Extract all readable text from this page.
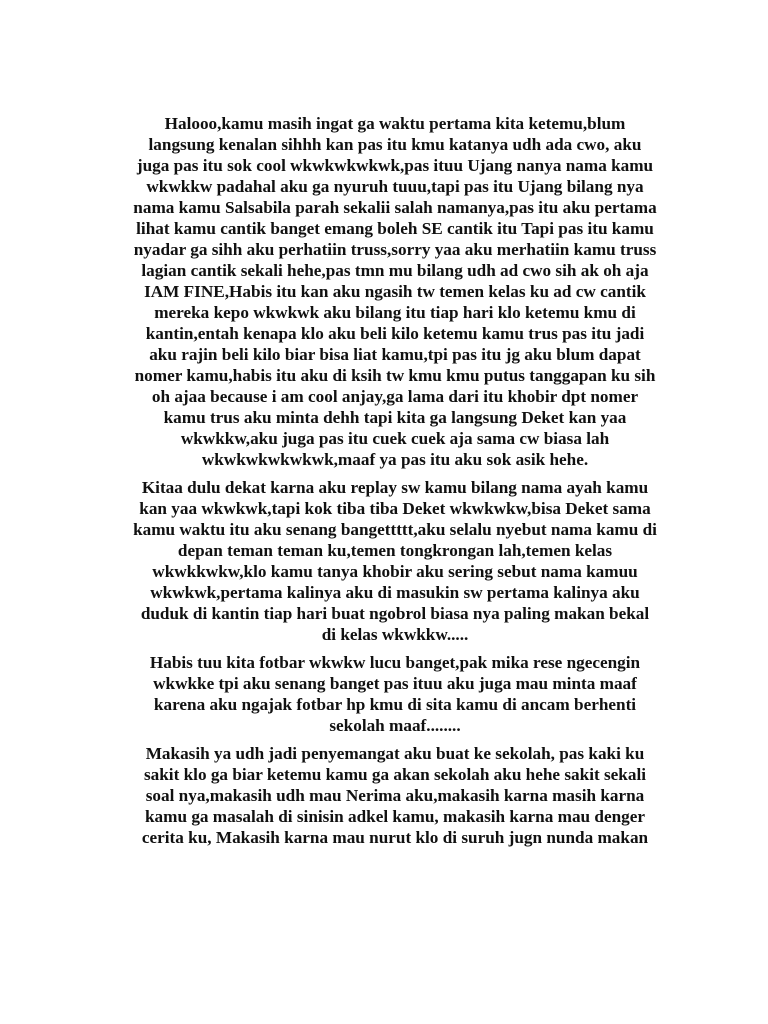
Halooo,kamu masih ingat ga waktu pertama kita ketemu,blum
langsung kenalan sihhh kan pas itu kmu katanya udh ada cwo, aku
juga pas itu sok cool wkwkwkwkwk,pas ituu Ujang nanya nama kamu
wkwkkw padahal aku ga nyuruh tuuu,tapi pas itu Ujang bilang nya
nama kamu Salsabila parah sekalii salah namanya,pas itu aku pertama
lihat kamu cantik banget emang boleh SE cantik itu Tapi pas itu kamu
nyadar ga sihh aku perhatiin truss,sorry yaa aku merhatiin kamu truss
lagian cantik sekali hehe,pas tmn mu bilang udh ad cwo sih ak oh aja
IAM FINE,Habis itu kan aku ngasih tw temen kelas ku ad cw cantik
mereka kepo wkwkwk aku bilang itu tiap hari klo ketemu kmu di
kantin,entah kenapa klo aku beli kilo ketemu kamu trus pas itu jadi
aku rajin beli kilo biar bisa liat kamu,tpi pas itu jg aku blum dapat
nomer kamu,habis itu aku di ksih tw kmu kmu putus tanggapan ku sih
oh ajaa because i am cool anjay,ga lama dari itu khobir dpt nomer
kamu trus aku minta dehh tapi kita ga langsung Deket kan yaa
wkwkkw,aku juga pas itu cuek cuek aja sama cw biasa lah
wkwkwkwkwkwk,maaf ya pas itu aku sok asik hehe.

Kitaa dulu dekat karna aku replay sw kamu bilang nama ayah kamu
kan yaa wkwkwk,tapi kok tiba tiba Deket wkwkwkw,bisa Deket sama
kamu waktu itu aku senang bangettttt,aku selalu nyebut nama kamu di
depan teman teman ku,temen tongkrongan lah,temen kelas
wkwkkwkw,klo kamu tanya khobir aku sering sebut nama kamuu
wkwkwk,pertama kalinya aku di masukin sw pertama kalinya aku
duduk di kantin tiap hari buat ngobrol biasa nya paling makan bekal
di kelas wkwkkw.....

Habis tuu kita fotbar wkwkw lucu banget,pak mika rese ngecengin
wkwkke tpi aku senang banget pas ituu aku juga mau minta maaf
karena aku ngajak fotbar hp kmu di sita kamu di ancam berhenti
sekolah maaf........

Makasih ya udh jadi penyemangat aku buat ke sekolah, pas kaki ku
sakit klo ga biar ketemu kamu ga akan sekolah aku hehe sakit sekali
soal nya,makasih udh mau Nerima aku,makasih karna masih karna
kamu ga masalah di sinisin adkel kamu, makasih karna mau denger
cerita ku, Makasih karna mau nurut klo di suruh jugn nunda makan
